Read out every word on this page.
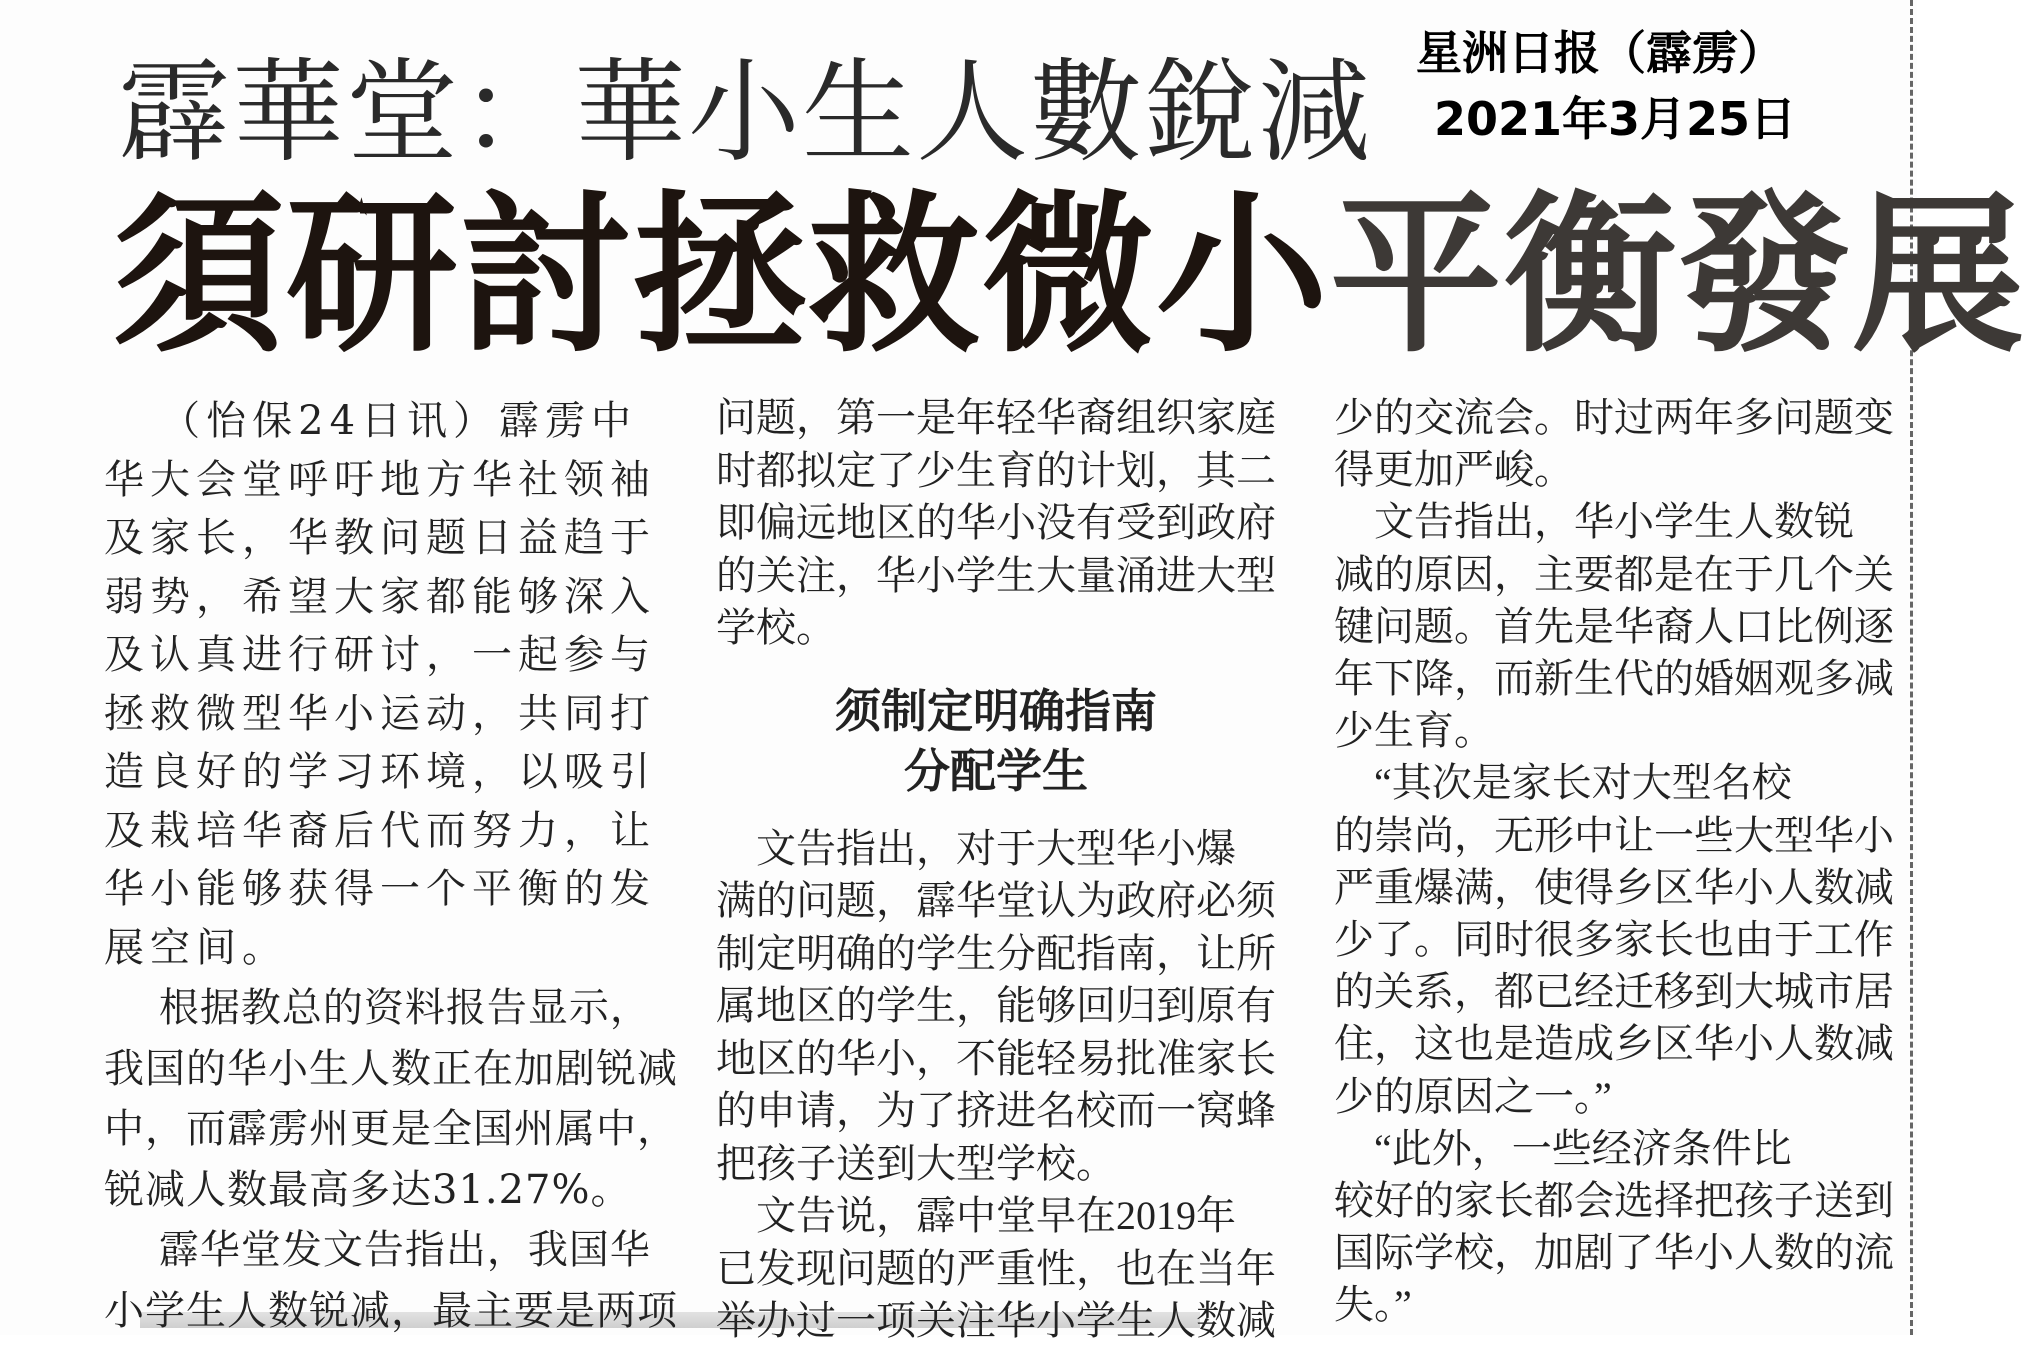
星洲日报（霹雳）
2021年3月25日
霹華堂：華小生人數銳減
須研討拯救微小平衡發展

（怡保24日讯）霹雳中

华大会堂呼吁地方华社领袖

及家长，华教问题日益趋于

弱势，希望大家都能够深入

及认真进行研讨，一起参与

拯救微型华小运动，共同打

造良好的学习环境，以吸引

及栽培华裔后代而努力，让

华小能够获得一个平衡的发

展空间。

根据教总的资料报告显示，

我国的华小生人数正在加剧锐减

中，而霹雳州更是全国州属中，

锐减人数最高多达31.27%。

霹华堂发文告指出，我国华

小学生人数锐减，最主要是两项

问题，第一是年轻华裔组织家庭

时都拟定了少生育的计划，其二

即偏远地区的华小没有受到政府

的关注，华小学生大量涌进大型

学校。

须制定明确指南
分配学生

文告指出，对于大型华小爆

满的问题，霹华堂认为政府必须

制定明确的学生分配指南，让所

属地区的学生，能够回归到原有

地区的华小，不能轻易批准家长

的申请，为了挤进名校而一窝蜂

把孩子送到大型学校。

文告说，霹中堂早在2019年

已发现问题的严重性，也在当年

举办过一项关注华小学生人数减

少的交流会。时过两年多问题变

得更加严峻。

文告指出，华小学生人数锐

减的原因，主要都是在于几个关

键问题。首先是华裔人口比例逐

年下降，而新生代的婚姻观多减

少生育。

“其次是家长对大型名校

的崇尚，无形中让一些大型华小

严重爆满，使得乡区华小人数减

少了。同时很多家长也由于工作

的关系，都已经迁移到大城市居

住，这也是造成乡区华小人数减

少的原因之一。”

“此外，一些经济条件比

较好的家长都会选择把孩子送到

国际学校，加剧了华小人数的流

失。”
